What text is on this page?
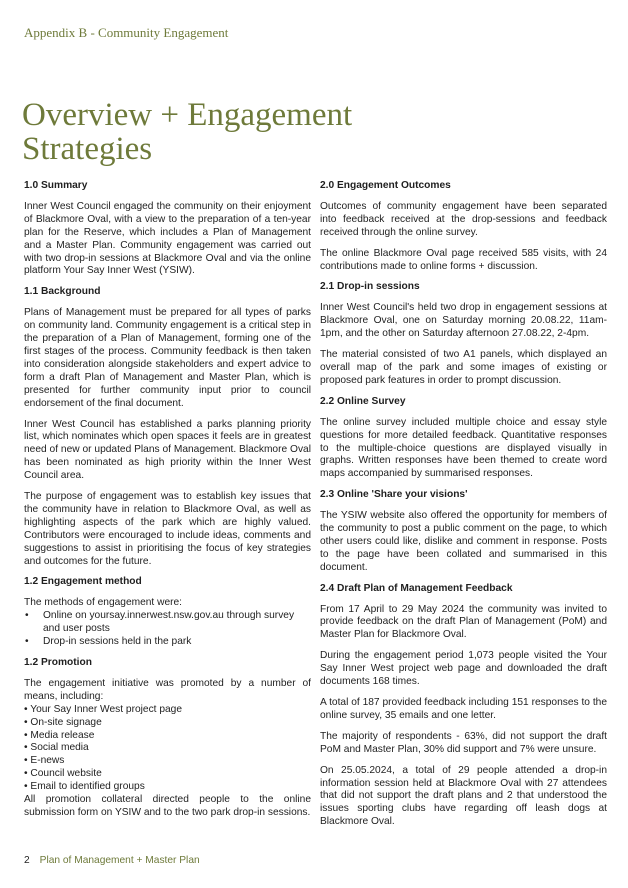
Appendix B - Community Engagement
Overview + Engagement
Strategies
1.0 Summary

Inner West Council engaged the community on their enjoyment of Blackmore Oval, with a view to the preparation of a ten-year plan for the Reserve, which includes a Plan of Management and a Master Plan. Community engagement was carried out with two drop-in sessions at Blackmore Oval and via the online platform Your Say Inner West (YSIW).

1.1 Background

Plans of Management must be prepared for all types of parks on community land. Community engagement is a critical step in the preparation of a Plan of Management, forming one of the first stages of the process. Community feedback is then taken into consideration alongside stakeholders and expert advice to form a draft Plan of Management and Master Plan, which is presented for further community input prior to council endorsement of the final document.

Inner West Council has established a parks planning priority list, which nominates which open spaces it feels are in greatest need of new or updated Plans of Management. Blackmore Oval has been nominated as high priority within the Inner West Council area.

The purpose of engagement was to establish key issues that the community have in relation to Blackmore Oval, as well as highlighting aspects of the park which are highly valued. Contributors were encouraged to include ideas, comments and suggestions to assist in prioritising the focus of key strategies and outcomes for the future.

1.2 Engagement method

The methods of engagement were:

• Online on yoursay.innerwest.nsw.gov.au through survey and user posts
• Drop-in sessions held in the park
1.2 Promotion

The engagement initiative was promoted by a number of means, including:

• Your Say Inner West project page
• On-site signage
• Media release
• Social media
• E-news
• Council website
• Email to identified groups

All promotion collateral directed people to the online submission form on YSIW and to the two park drop-in sessions.

2.0 Engagement Outcomes

Outcomes of community engagement have been separated into feedback received at the drop-sessions and feedback received through the online survey.

The online Blackmore Oval page received 585 visits, with 24 contributions made to online forms + discussion.

2.1 Drop-in sessions

Inner West Council's held two drop in engagement sessions at Blackmore Oval, one on Saturday morning 20.08.22, 11am-1pm, and the other on Saturday afternoon 27.08.22, 2-4pm.

The material consisted of two A1 panels, which displayed an overall map of the park and some images of existing or proposed park features in order to prompt discussion.

2.2 Online Survey

The online survey included multiple choice and essay style questions for more detailed feedback. Quantitative responses to the multiple-choice questions are displayed visually in graphs. Written responses have been themed to create word maps accompanied by summarised responses.

2.3 Online 'Share your visions'

The YSIW website also offered the opportunity for members of the community to post a public comment on the page, to which other users could like, dislike and comment in response. Posts to the page have been collated and summarised in this document.

2.4 Draft Plan of Management Feedback

From 17 April to 29 May 2024 the community was invited to provide feedback on the draft Plan of Management (PoM) and Master Plan for Blackmore Oval.

During the engagement period 1,073 people visited the Your Say Inner West project web page and downloaded the draft documents 168 times.

A total of 187 provided feedback including 151 responses to the online survey, 35 emails and one letter.

The majority of respondents - 63%, did not support the draft PoM and Master Plan, 30% did support and 7% were unsure.

On 25.05.2024, a total of 29 people attended a drop-in information session held at Blackmore Oval with 27 attendees that did not support the draft plans and 2 that understood the issues sporting clubs have regarding off leash dogs at Blackmore Oval.

2 Plan of Management + Master Plan
